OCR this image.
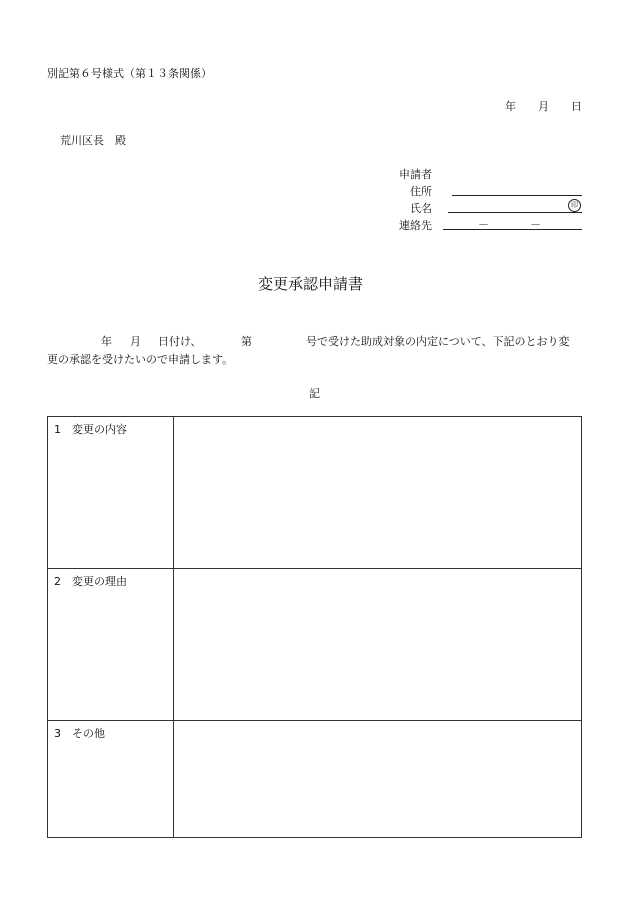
別記第６号様式（第１３条関係）
年 月 日
荒川区長　殿
申請者
住所
氏名	印
連絡先	－	－
変更承認申請書
年 月 日付け、	第	号で受けた助成対象の内定について、下記のとおり変
更の承認を受けたいので申請します。
記
1　変更の内容
2　変更の理由
3　その他
